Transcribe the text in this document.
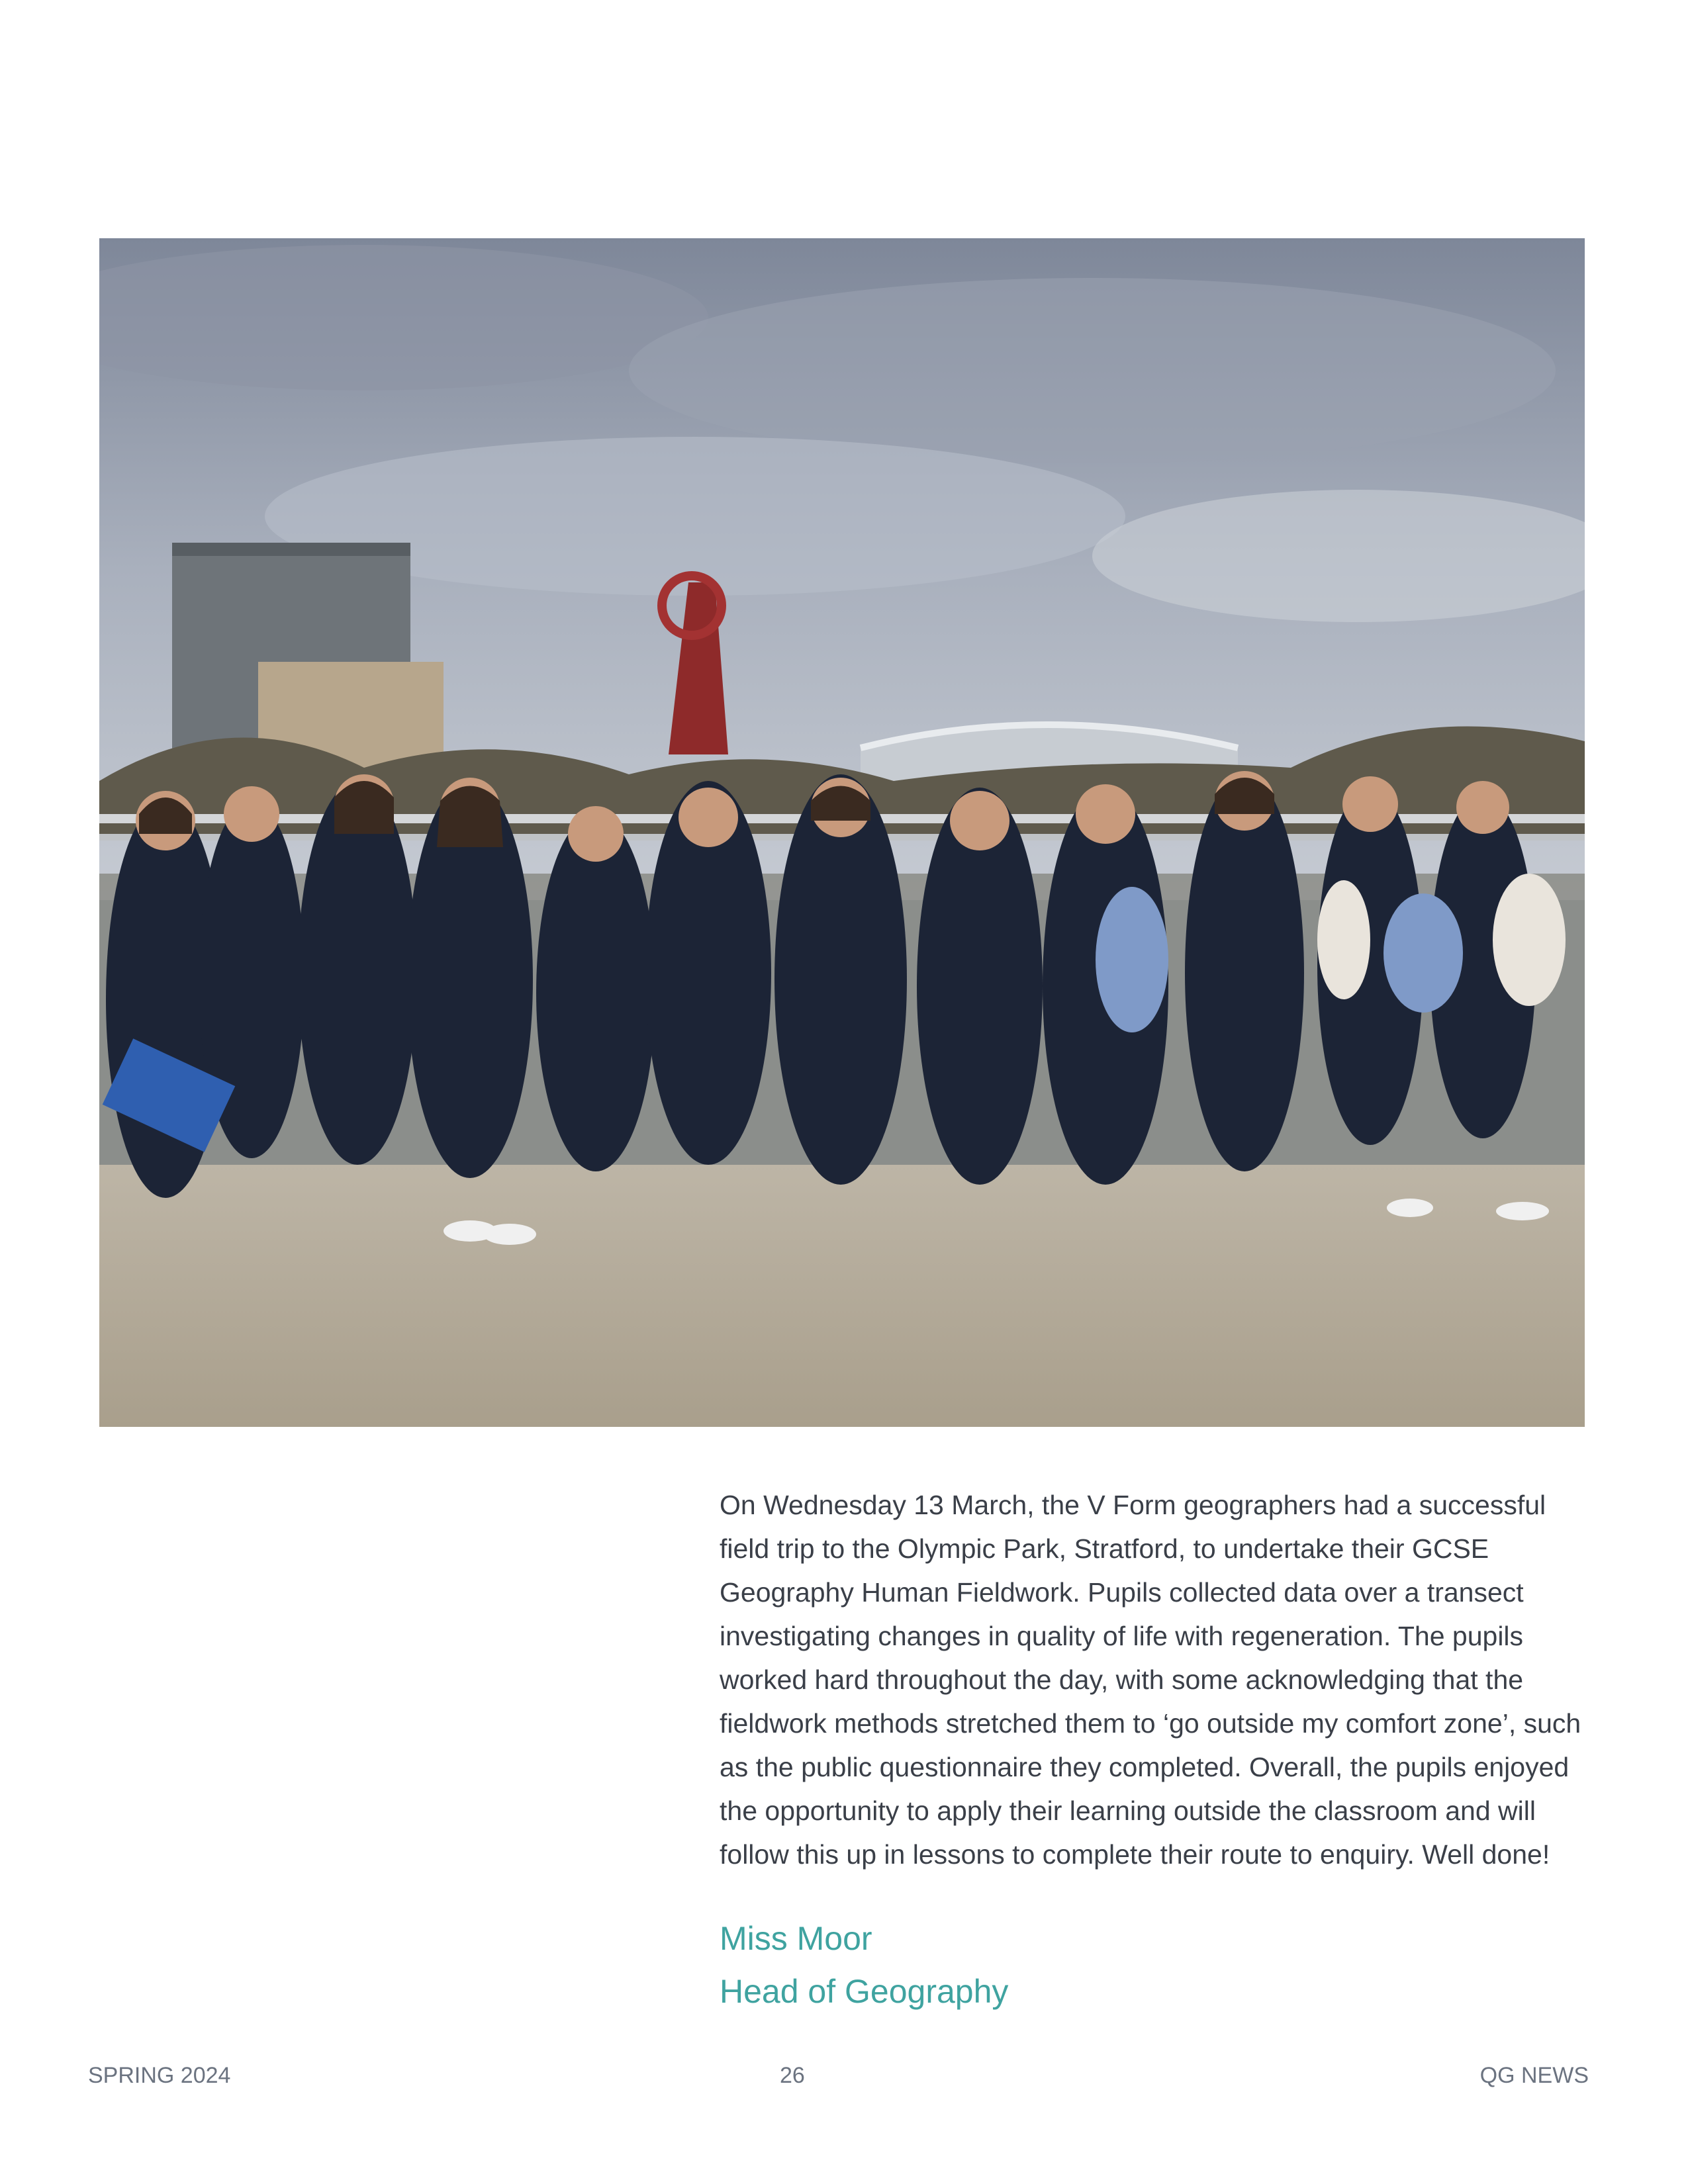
On Wednesday 13 March, the V Form geographers had a successful field trip to the Olympic Park, Stratford, to undertake their GCSE Geography Human Fieldwork. Pupils collected data over a transect investigating changes in quality of life with regeneration. The pupils worked hard throughout the day, with some acknowledging that the fieldwork methods stretched them to ‘go outside my comfort zone’, such as the public questionnaire they completed. Overall, the pupils enjoyed the opportunity to apply their learning outside the classroom and will follow this up in lessons to complete their route to enquiry. Well done!

Miss Moor

Head of Geography

SPRING 2024	26	QG NEWS
